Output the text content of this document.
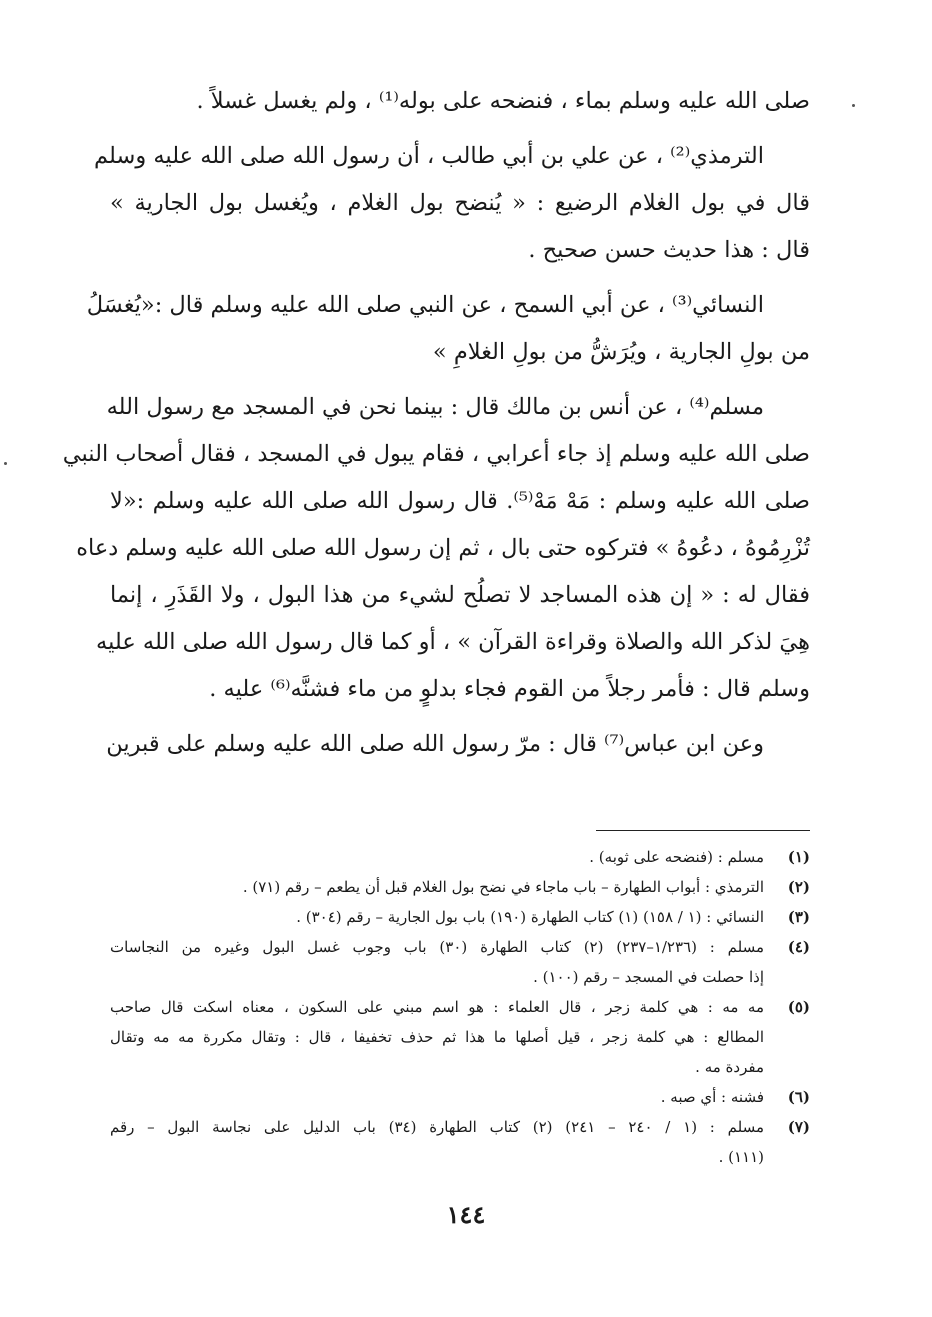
صلى الله عليه وسلم بماء ، فنضحه على بوله⁽¹⁾ ، ولم يغسل غسلاً .

الترمذي⁽²⁾ ، عن علي بن أبي طالب ، أن رسول الله صلى الله عليه وسلم
قال في بول الغلام الرضيع : « يُنضح بول الغلام ، ويُغسل بول الجارية »
قال : هذا حديث حسن صحيح .

النسائي⁽³⁾ ، عن أبي السمح ، عن النبي صلى الله عليه وسلم قال :«يُغسَلُ
من بولِ الجارية ، ويُرَشُّ من بولِ الغلامِ »

مسلم⁽⁴⁾ ، عن أنس بن مالك قال : بينما نحن في المسجد مع رسول الله
صلى الله عليه وسلم إذ جاء أعرابي ، فقام يبول في المسجد ، فقال أصحاب النبي
صلى الله عليه وسلم : مَهْ مَهْ⁽⁵⁾. قال رسول الله صلى الله عليه وسلم :«لا
تُزْرِمُوهُ ، دعُوهُ » فتركوه حتى بال ، ثم إن رسول الله صلى الله عليه وسلم دعاه
فقال له : « إن هذه المساجد لا تصلُح لشيء من هذا البول ، ولا القَذَرِ ، إنما
هِيَ لذكر الله والصلاة وقراءة القرآن » ، أو كما قال رسول الله صلى الله عليه
وسلم قال : فأمر رجلاً من القوم فجاء بدلوٍ من ماء فشنَّه⁽⁶⁾ عليه .

وعن ابن عباس⁽⁷⁾ قال : مرّ رسول الله صلى الله عليه وسلم على قبرين

(١)
مسلم : (فنضحه على ثوبه) .
(٢)
الترمذي : أبواب الطهارة – باب ماجاء في نضح بول الغلام قبل أن يطعم – رقم (٧١) .
(٣)
النسائي : (١ / ١٥٨) (١) كتاب الطهارة (١٩٠) باب بول الجارية – رقم (٣٠٤) .
(٤)
مسلم : (١/٢٣٦–٢٣٧) (٢) كتاب الطهارة (٣٠) باب وجوب غسل البول وغيره من النجاسات
إذا حصلت في المسجد – رقم (١٠٠) .
(٥)
مه مه : هي كلمة زجر ، قال العلماء : هو اسم مبني على السكون ، معناه اسكت قال صاحب
المطالع : هي كلمة زجر ، قيل أصلها ما هذا ثم حذف تخفيفا ، قال : وتقال مكررة مه مه وتقال
مفردة مه .
(٦)
فشنه : أي صبه .
(٧)
مسلم : (١ / ٢٤٠ – ٢٤١) (٢) كتاب الطهارة (٣٤) باب الدليل على نجاسة البول – رقم
(١١١) .
١٤٤
